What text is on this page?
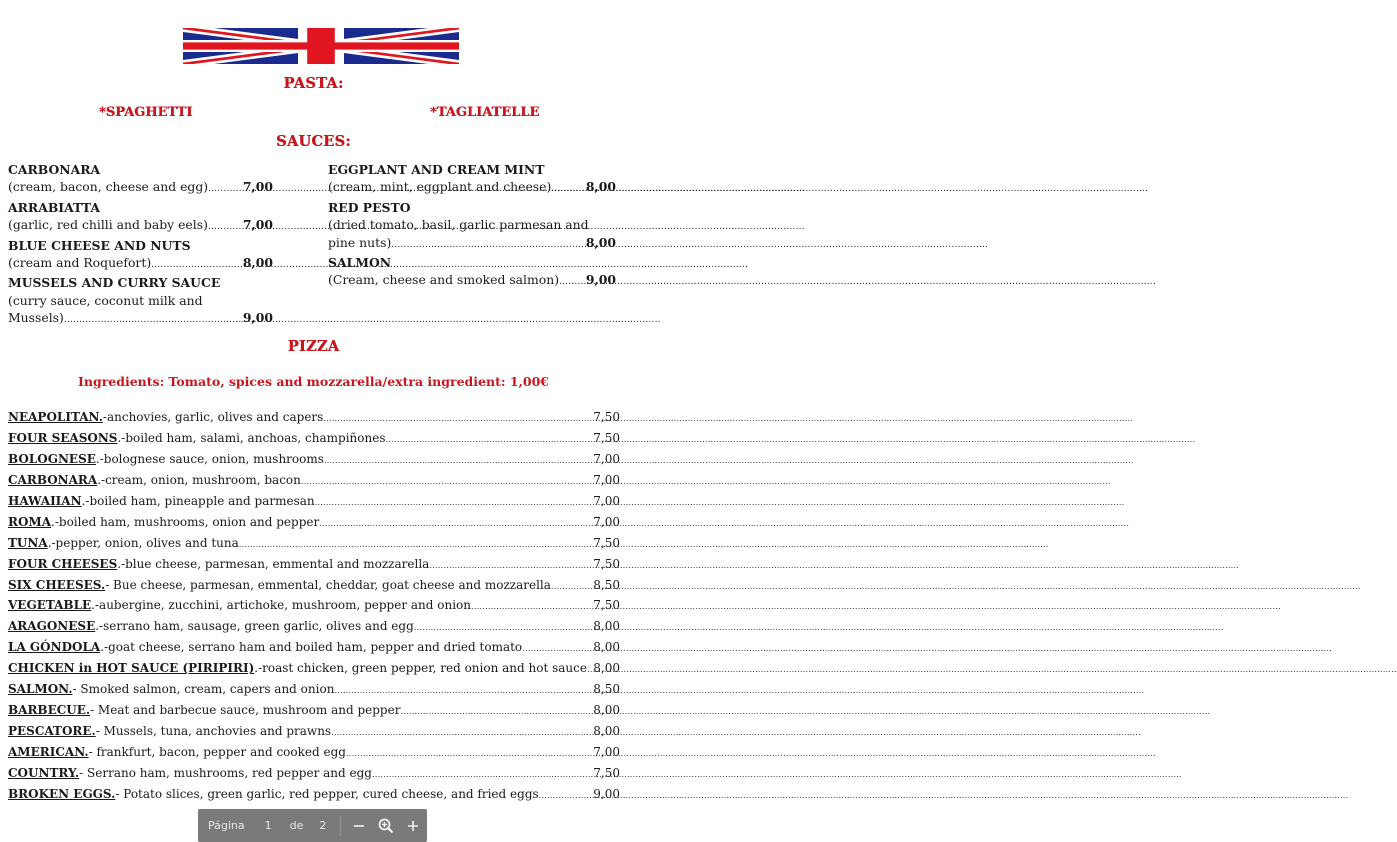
PASTA:
*SPAGHETTI	*TAGLIATELLE
SAUCES:
CARBONARA
(cream, bacon, cheese and egg) .....	7,00
ARRABIATTA
(garlic, red chilli and baby eels) .....	7,00
BLUE CHEESE AND NUTS
(cream and Roquefort) .....	8,00
MUSSELS AND CURRY SAUCE
(curry sauce, coconut milk and
Mussels) .....	9,00
EGGPLANT AND CREAM MINT
(cream, mint, eggplant and cheese) .....	8,00
RED PESTO
(dried tomato, basil, garlic parmesan and
pine nuts) .....	8,00
SALMON
(Cream, cheese and smoked salmon) ..... 9,00
PIZZA
Ingredients: Tomato, spices and mozzarella/extra ingredient: 1,00€
NEAPOLITAN. -anchovies, garlic, olives and capers .....	7,50
FOUR SEASONS .-boiled ham, salami, anchoas, champiñones .....	7,50
BOLOGNESE .-bolognese sauce, onion, mushrooms .....	7,00
CARBONARA .-cream, onion, mushroom, bacon .....	7,00
HAWAIIAN .-boiled ham, pineapple and parmesan .....	7,00
ROMA .-boiled ham, mushrooms, onion and pepper .....	7,00
TUNA .-pepper, onion, olives and tuna .....	7,50
FOUR CHEESES .-blue cheese, parmesan, emmental and mozzarella .....	7,50
SIX CHEESES. - Bue cheese, parmesan, emmental, cheddar, goat cheese and mozzarella .....	8,50
VEGETABLE .-aubergine, zucchini, artichoke, mushroom, pepper and onion .....	7,50
ARAGONESE .-serrano ham, sausage, green garlic, olives and egg .....	8,00
LA GÓNDOLA .-goat cheese, serrano ham and boiled ham, pepper and dried tomato .....	8,00
CHICKEN in HOT SAUCE (PIRIPIRI) .-roast chicken, green pepper, red onion and hot sauce ..... 8,00
SALMON. - Smoked salmon, cream, capers and onion .....	8,50
BARBECUE. - Meat and barbecue sauce, mushroom and pepper .....	8,00
PESCATORE. - Mussels, tuna, anchovies and prawns .....	8,00
AMERICAN. - frankfurt, bacon, pepper and cooked egg .....	7,00
COUNTRY. - Serrano ham, mushrooms, red pepper and egg .....	7,50
BROKEN EGGS. - Potato slices, green garlic, red pepper, cured cheese, and fried eggs .....	9,00
Página 1 de 2
